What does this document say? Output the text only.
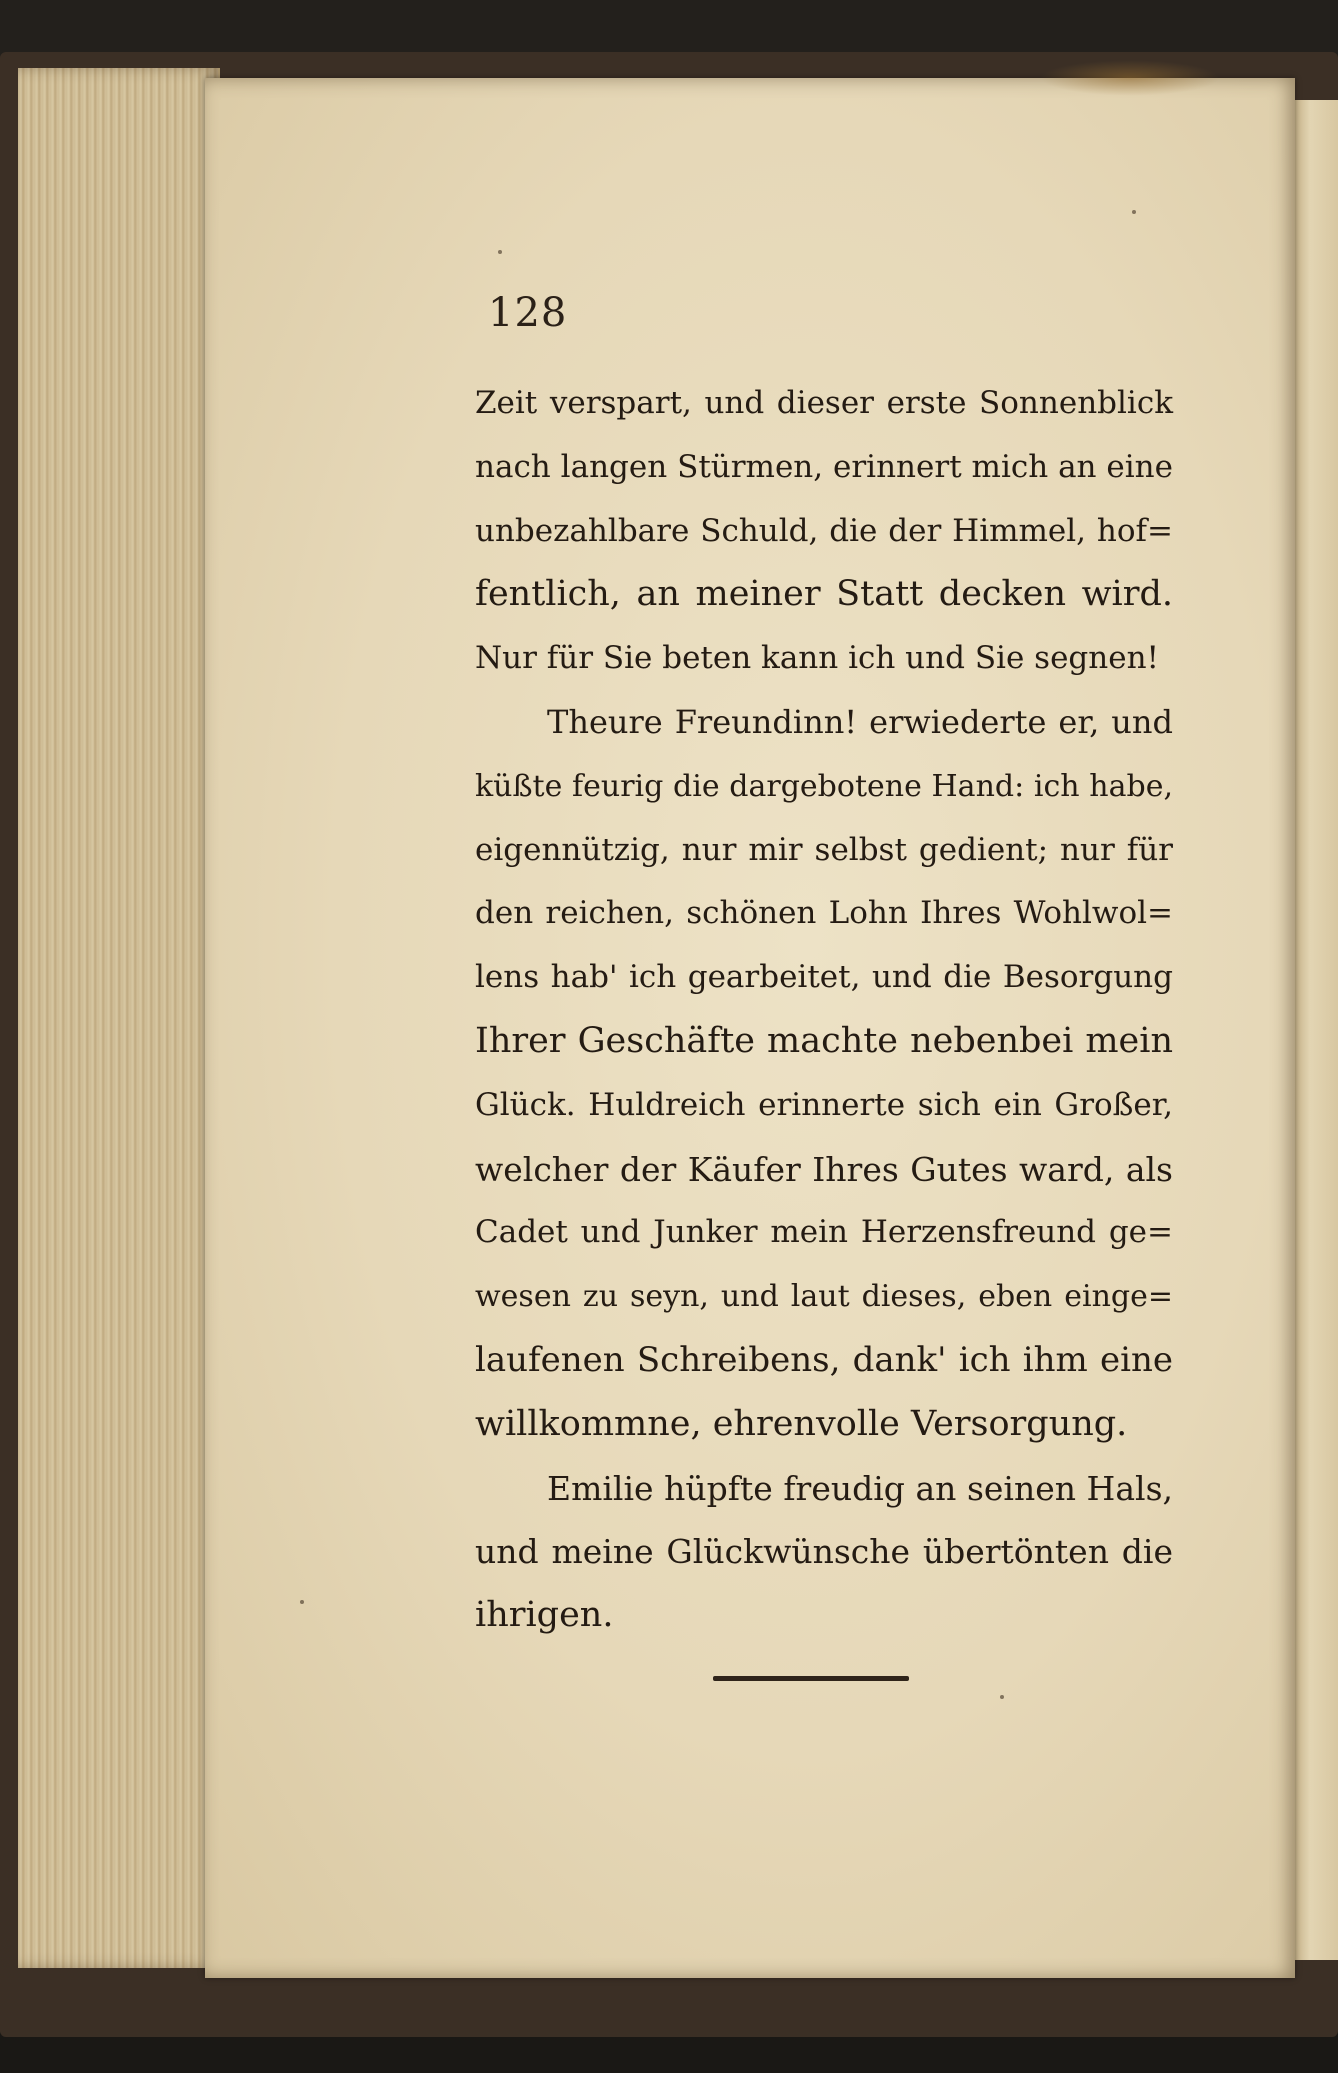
128
Zeit verspart, und dieser erste Sonnenblick
nach langen Stürmen, erinnert mich an eine
unbezahlbare Schuld, die der Himmel, hof=
fentlich, an meiner Statt decken wird.
Nur für Sie beten kann ich und Sie segnen!
Theure Freundinn! erwiederte er, und
küßte feurig die dargebotene Hand: ich habe,
eigennützig, nur mir selbst gedient; nur für
den reichen, schönen Lohn Ihres Wohlwol=
lens hab' ich gearbeitet, und die Besorgung
Ihrer Geschäfte machte nebenbei mein
Glück. Huldreich erinnerte sich ein Großer,
welcher der Käufer Ihres Gutes ward, als
Cadet und Junker mein Herzensfreund ge=
wesen zu seyn, und laut dieses, eben einge=
laufenen Schreibens, dank' ich ihm eine
willkommne, ehrenvolle Versorgung.
Emilie hüpfte freudig an seinen Hals,
und meine Glückwünsche übertönten die
ihrigen.
